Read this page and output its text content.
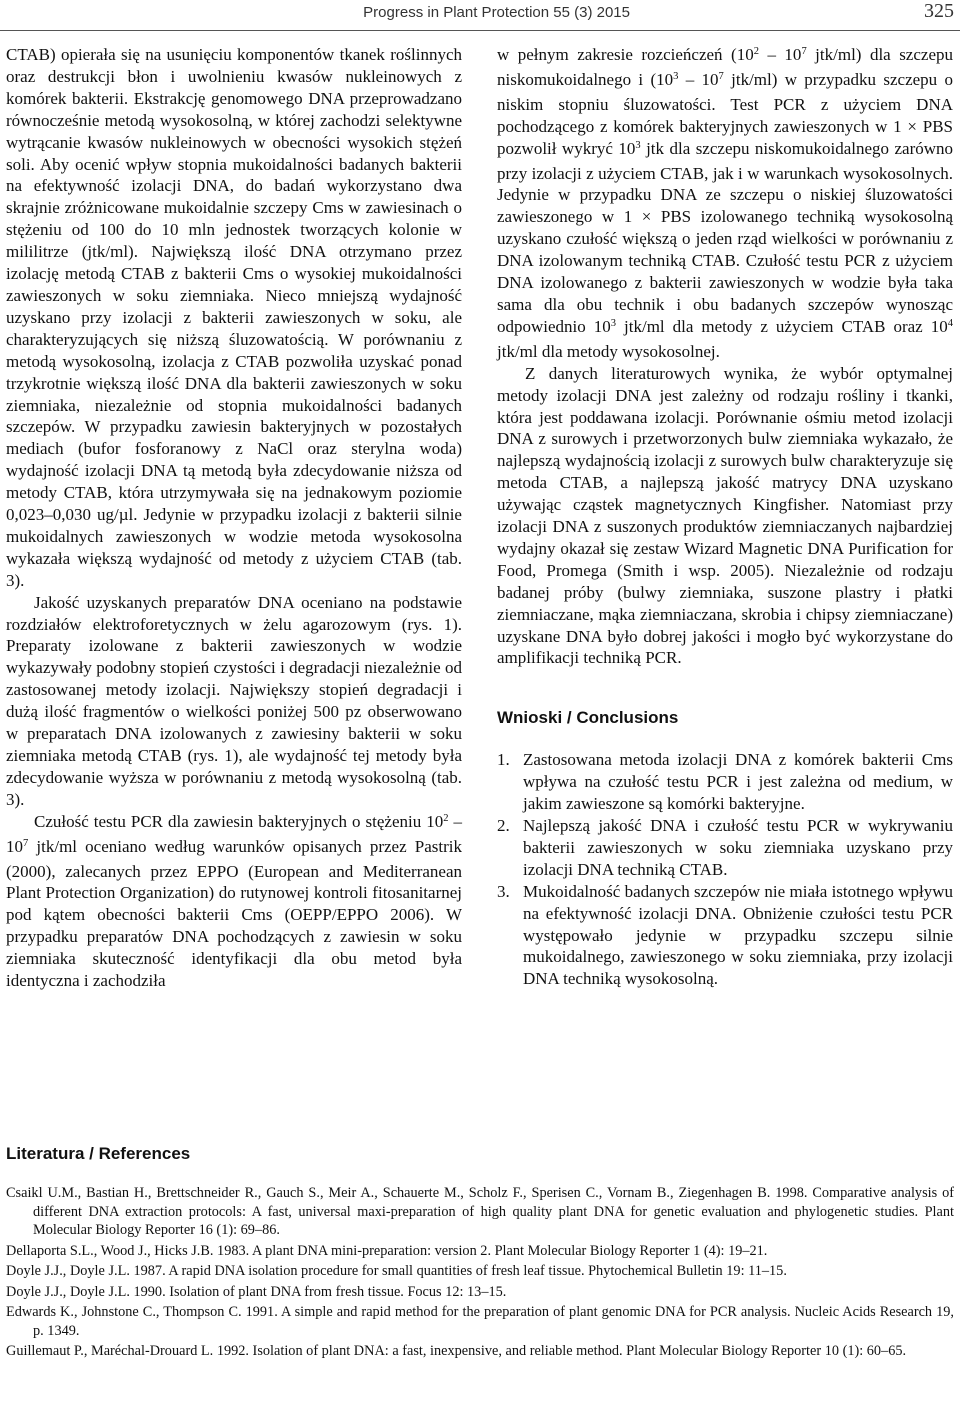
Progress in Plant Protection 55 (3) 2015	325

CTAB) opierała się na usunięciu komponentów tkanek roślinnych oraz destrukcji błon i uwolnieniu kwasów nukleinowych z komórek bakterii. Ekstrakcję genomowego DNA przeprowadzano równocześnie metodą wysokosolną, w której zachodzi selektywne wytrącanie kwasów nukleinowych w obecności wysokich stężeń soli. Aby ocenić wpływ stopnia mukoidalności badanych bakterii na efektywność izolacji DNA, do badań wykorzystano dwa skrajnie zróżnicowane mukoidalnie szczepy Cms w zawiesinach o stężeniu od 100 do 10 mln jednostek tworzących kolonie w mililitrze (jtk/ml). Największą ilość DNA otrzymano przez izolację metodą CTAB z bakterii Cms o wysokiej mukoidalności zawieszonych w soku ziemniaka. Nieco mniejszą wydajność uzyskano przy izolacji z bakterii zawieszonych w soku, ale charakteryzujących się niższą śluzowatością. W porównaniu z metodą wysokosolną, izolacja z CTAB pozwoliła uzyskać ponad trzykrotnie większą ilość DNA dla bakterii zawieszonych w soku ziemniaka, niezależnie od stopnia mukoidalności badanych szczepów. W przypadku zawiesin bakteryjnych w pozostałych mediach (bufor fosforanowy z NaCl oraz sterylna woda) wydajność izolacji DNA tą metodą była zdecydowanie niższa od metody CTAB, która utrzymywała się na jednakowym poziomie 0,023–0,030 ug/µl. Jedynie w przypadku izolacji z bakterii silnie mukoidalnych zawieszonych w wodzie metoda wysokosolna wykazała większą wydajność od metody z użyciem CTAB (tab. 3).

Jakość uzyskanych preparatów DNA oceniano na podstawie rozdziałów elektroforetycznych w żelu agarozowym (rys. 1). Preparaty izolowane z bakterii zawieszonych w wodzie wykazywały podobny stopień czystości i degradacji niezależnie od zastosowanej metody izolacji. Największy stopień degradacji i dużą ilość fragmentów o wielkości poniżej 500 pz obserwowano w preparatach DNA izolowanych z zawiesiny bakterii w soku ziemniaka metodą CTAB (rys. 1), ale wydajność tej metody była zdecydowanie wyższa w porównaniu z metodą wysokosolną (tab. 3).

Czułość testu PCR dla zawiesin bakteryjnych o stężeniu $10^2 - 10^7$ jtk/ml oceniano według warunków opisanych przez Pastrik (2000), zalecanych przez EPPO (European and Mediterranean Plant Protection Organization) do rutynowej kontroli fitosanitarnej pod kątem obecności bakterii Cms (OEPP/EPPO 2006). W przypadku preparatów DNA pochodzących z zawiesin w soku ziemniaka skuteczność identyfikacji dla obu metod była identyczna i zachodziła

w pełnym zakresie rozcieńczeń ($10^2 - 10^7$ jtk/ml) dla szczepu niskomukoidalnego i ($10^3 - 10^7$ jtk/ml) w przypadku szczepu o niskim stopniu śluzowatości. Test PCR z użyciem DNA pochodzącego z komórek bakteryjnych zawieszonych w 1 × PBS pozwolił wykryć $10^3$ jtk dla szczepu niskomukoidalnego zarówno przy izolacji z użyciem CTAB, jak i w warunkach wysokosolnych. Jedynie w przypadku DNA ze szczepu o niskiej śluzowatości zawieszonego w 1 × PBS izolowanego techniką wysokosolną uzyskano czułość większą o jeden rząd wielkości w porównaniu z DNA izolowanym techniką CTAB. Czułość testu PCR z użyciem DNA izolowanego z bakterii zawieszonych w wodzie była taka sama dla obu technik i obu badanych szczepów wynosząc odpowiednio $10^3$ jtk/ml dla metody z użyciem CTAB oraz $10^4$ jtk/ml dla metody wysokosolnej.

Z danych literaturowych wynika, że wybór optymalnej metody izolacji DNA jest zależny od rodzaju rośliny i tkanki, która jest poddawana izolacji. Porównanie ośmiu metod izolacji DNA z surowych i przetworzonych bulw ziemniaka wykazało, że najlepszą wydajnością izolacji z surowych bulw charakteryzuje się metoda CTAB, a najlepszą jakość matrycy DNA uzyskano używając cząstek magnetycznych Kingfisher. Natomiast przy izolacji DNA z suszonych produktów ziemniaczanych najbardziej wydajny okazał się zestaw Wizard Magnetic DNA Purification for Food, Promega (Smith i wsp. 2005). Niezależnie od rodzaju badanej próby (bulwy ziemniaka, suszone plastry i płatki ziemniaczane, mąka ziemniaczana, skrobia i chipsy ziemniaczane) uzyskane DNA było dobrej jakości i mogło być wykorzystane do amplifikacji techniką PCR.

Wnioski / Conclusions
1. Zastosowana metoda izolacji DNA z komórek bakterii Cms wpływa na czułość testu PCR i jest zależna od medium, w jakim zawieszone są komórki bakteryjne.
2. Najlepszą jakość DNA i czułość testu PCR w wykrywaniu bakterii zawieszonych w soku ziemniaka uzyskano przy izolacji DNA techniką CTAB.
3. Mukoidalność badanych szczepów nie miała istotnego wpływu na efektywność izolacji DNA. Obniżenie czułości testu PCR występowało jedynie w przypadku szczepu silnie mukoidalnego, zawieszonego w soku ziemniaka, przy izolacji DNA techniką wysokosolną.
Literatura / References
Csaikl U.M., Bastian H., Brettschneider R., Gauch S., Meir A., Schauerte M., Scholz F., Sperisen C., Vornam B., Ziegenhagen B. 1998. Comparative analysis of different DNA extraction protocols: A fast, universal maxi-preparation of high quality plant DNA for genetic evaluation and phylogenetic studies. Plant Molecular Biology Reporter 16 (1): 69–86.
Dellaporta S.L., Wood J., Hicks J.B. 1983. A plant DNA mini-preparation: version 2. Plant Molecular Biology Reporter 1 (4): 19–21.
Doyle J.J., Doyle J.L. 1987. A rapid DNA isolation procedure for small quantities of fresh leaf tissue. Phytochemical Bulletin 19: 11–15.
Doyle J.J., Doyle J.L. 1990. Isolation of plant DNA from fresh tissue. Focus 12: 13–15.
Edwards K., Johnstone C., Thompson C. 1991. A simple and rapid method for the preparation of plant genomic DNA for PCR analysis. Nucleic Acids Research 19, p. 1349.
Guillemaut P., Maréchal-Drouard L. 1992. Isolation of plant DNA: a fast, inexpensive, and reliable method. Plant Molecular Biology Reporter 10 (1): 60–65.
